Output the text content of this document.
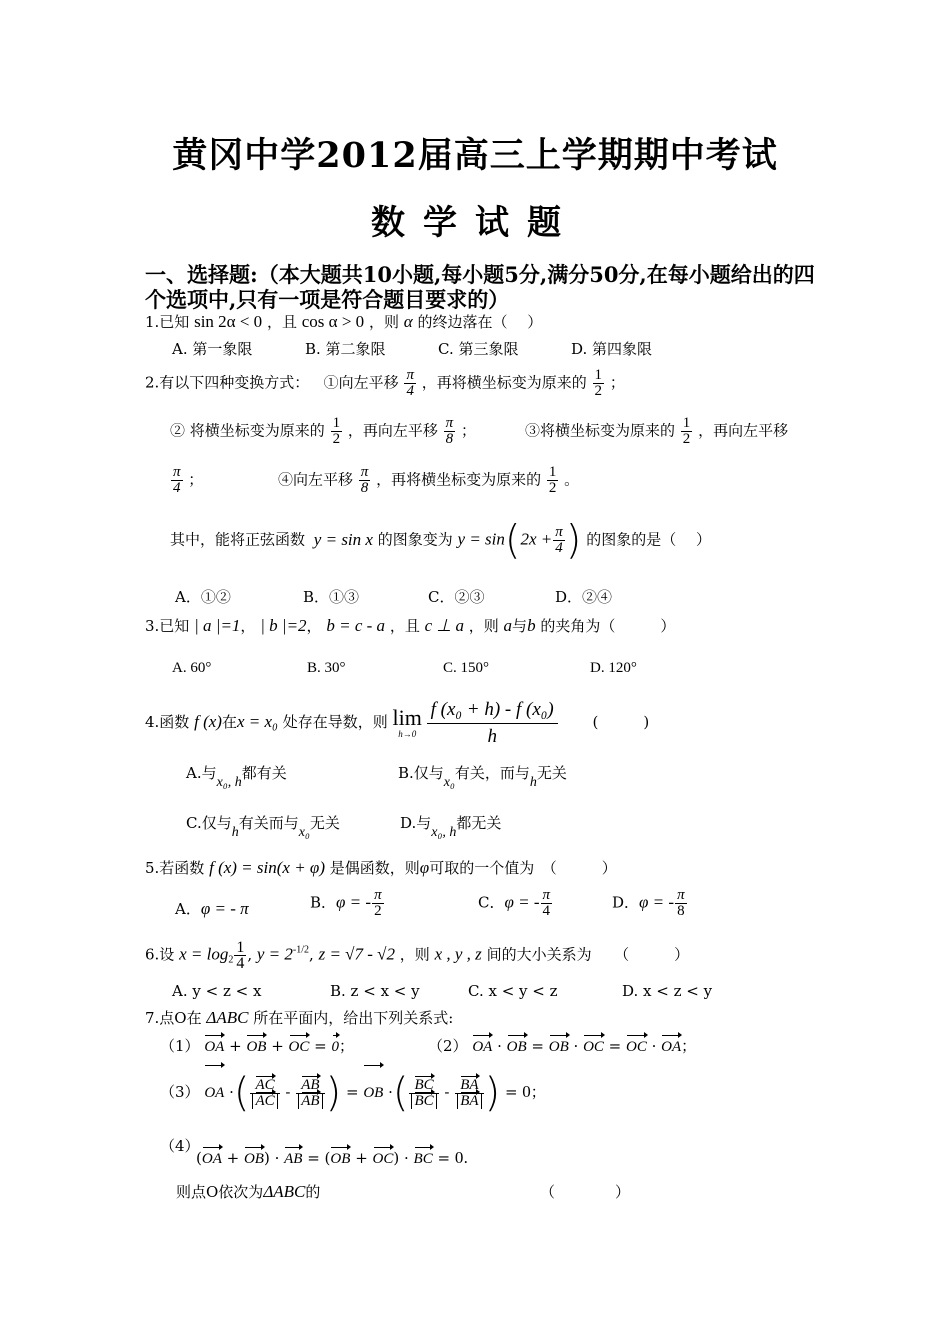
黄冈中学2012届高三上学期期中考试
数学试题
一、选择题:（本大题共10小题,每小题5分,满分50分,在每小题给出的四个选项中,只有一项是符合题目要求的）
1.已知 sin 2α < 0 ，且 cos α > 0 ，则 α 的终边落在（　 ）
A. 第一象限	B. 第二象限	C. 第三象限	D. 第四象限
2.有以下四种变换方式： ①向左平移 $\frac{\pi}{4}$ ，再将横坐标变为原来的 $\frac{1}{2}$ ；
② 将横坐标变为原来的 $\frac{1}{2}$ ，再向左平移 $\frac{\pi}{8}$ ；	③将横坐标变为原来的 $\frac{1}{2}$ ，再向左平移
$\frac{\pi}{4}$ ；	④向左平移 $\frac{\pi}{8}$ ，再将横坐标变为原来的 $\frac{1}{2}$ 。
其中，能将正弦函数 y = sin x 的图象变为 $y = \sin(2x + \frac{\pi}{4}$ ) 的图象的是（　 ）
A．①②	B．①③	C．②③	D．②④
3.已知 | a |=1， | b |=2， b = c - a ，且 c ⊥ a ，则 a与b 的夹角为（　　　）
A. 60°	B. 30°	C. 150°	D. 120°
4.函数 f (x)在x = x₀ 处存在导数，则 lim
h→0
$\frac{\text{f (x₀ + h) - f (x₀)}}{h}$ (　　　)
A.与x₀, h都有关	B.仅与x₀有关，而与h无关
C.仅与h有关而与x₀无关	D.与x₀, h都无关
5.若函数 f (x) = sin(x + φ) 是偶函数，则φ可取的一个值为　（　　　）
A．φ = - π	B．φ = - $\frac{\pi}{2}$	C．φ = - $\frac{\pi}{4}$	D．φ = - $\frac{\pi}{8}$
6.设 $x = \log_2 \frac{1}{4}$ , $y = 2^{-1/2}$, z = √7 - √2 ，则 x , y , z 间的大小关系为　　（　　　）
A. y < z < x	B. z < x < y	C. x < y < z	D. x < z < y
7.点O在 ΔABC 所在平面内，给出下列关系式:
（1） OA + OB + OC = 0；	（2） OA · OB = OB · OC = OC · OA；
（3） OA ·( $\frac{AC}{AC} - \frac{AB}{AB}$ ) = OB ·( $\frac{BC}{BC} - \frac{BA}{BA}$ ) = 0；
（4）
(OA + OB) · AB = (OB + OC) · BC = 0.
则点O依次为ΔABC的	（　　　　）
